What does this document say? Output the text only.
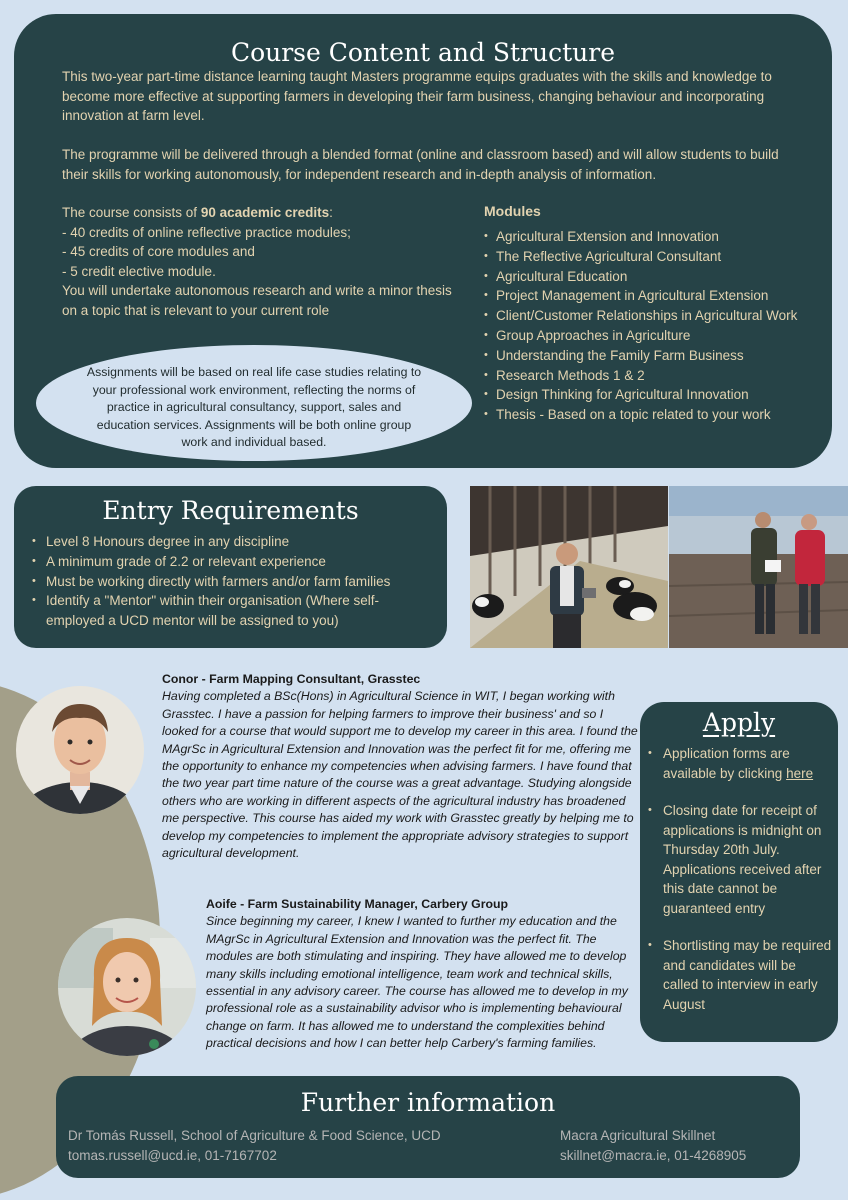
Course Content and Structure

This two-year part-time distance learning taught Masters programme equips graduates with the skills and knowledge to become more effective at supporting farmers in developing their farm business, changing behaviour and incorporating innovation at farm level.

The programme will be delivered through a blended format (online and classroom based) and will allow students to build their skills for working autonomously, for independent research and in-depth analysis of information.

The course consists of 90 academic credits:
- 40 credits of online reflective practice modules;
- 45 credits of core modules and
- 5 credit elective module.
You will undertake autonomous research and write a minor thesis on a topic that is relevant to your current role
Modules
• Agricultural Extension and Innovation
• The Reflective Agricultural Consultant
• Agricultural Education
• Project Management in Agricultural Extension
• Client/Customer Relationships in Agricultural Work
• Group Approaches in Agriculture
• Understanding the Family Farm Business
• Research Methods 1 & 2
• Design Thinking for Agricultural Innovation
• Thesis - Based on a topic related to your work
Assignments will be based on real life case studies relating to your professional work environment, reflecting the norms of practice in agricultural consultancy, support, sales and education services. Assignments will be both online group work and individual based.
Entry Requirements
• Level 8 Honours degree in any discipline
• A minimum grade of 2.2 or relevant experience
• Must be working directly with farmers and/or farm families
• Identify a "Mentor" within their organisation (Where self-employed a UCD mentor will be assigned to you)
Conor - Farm Mapping Consultant, Grasstec
Having completed a BSc(Hons) in Agricultural Science in WIT, I began working with Grasstec. I have a passion for helping farmers to improve their business' and so I looked for a course that would support me to develop my career in this area. I found the MAgrSc in Agricultural Extension and Innovation was the perfect fit for me, offering me the opportunity to enhance my competencies when advising farmers. I have found that the two year part time nature of the course was a great advantage. Studying alongside others who are working in different aspects of the agricultural industry has broadened me perspective. This course has aided my work with Grasstec greatly by helping me to develop my competencies to implement the appropriate advisory strategies to support agricultural development.
Aoife - Farm Sustainability Manager, Carbery Group
Since beginning my career, I knew I wanted to further my education and the MAgrSc in Agricultural Extension and Innovation was the perfect fit. The modules are both stimulating and inspiring. They have allowed me to develop many skills including emotional intelligence, team work and technical skills, essential in any advisory career. The course has allowed me to develop in my professional role as a sustainability advisor who is implementing behavioural change on farm. It has allowed me to understand the complexities behind practical decisions and how I can better help Carbery's farming families.
Apply
• Application forms are available by clicking here
• Closing date for receipt of applications is midnight on Thursday 20th July. Applications received after this date cannot be guaranteed entry
• Shortlisting may be required and candidates will be called to interview in early August
Further information
Dr Tomás Russell, School of Agriculture & Food Science, UCD
tomas.russell@ucd.ie, 01-7167702
Macra Agricultural Skillnet
skillnet@macra.ie, 01-4268905
